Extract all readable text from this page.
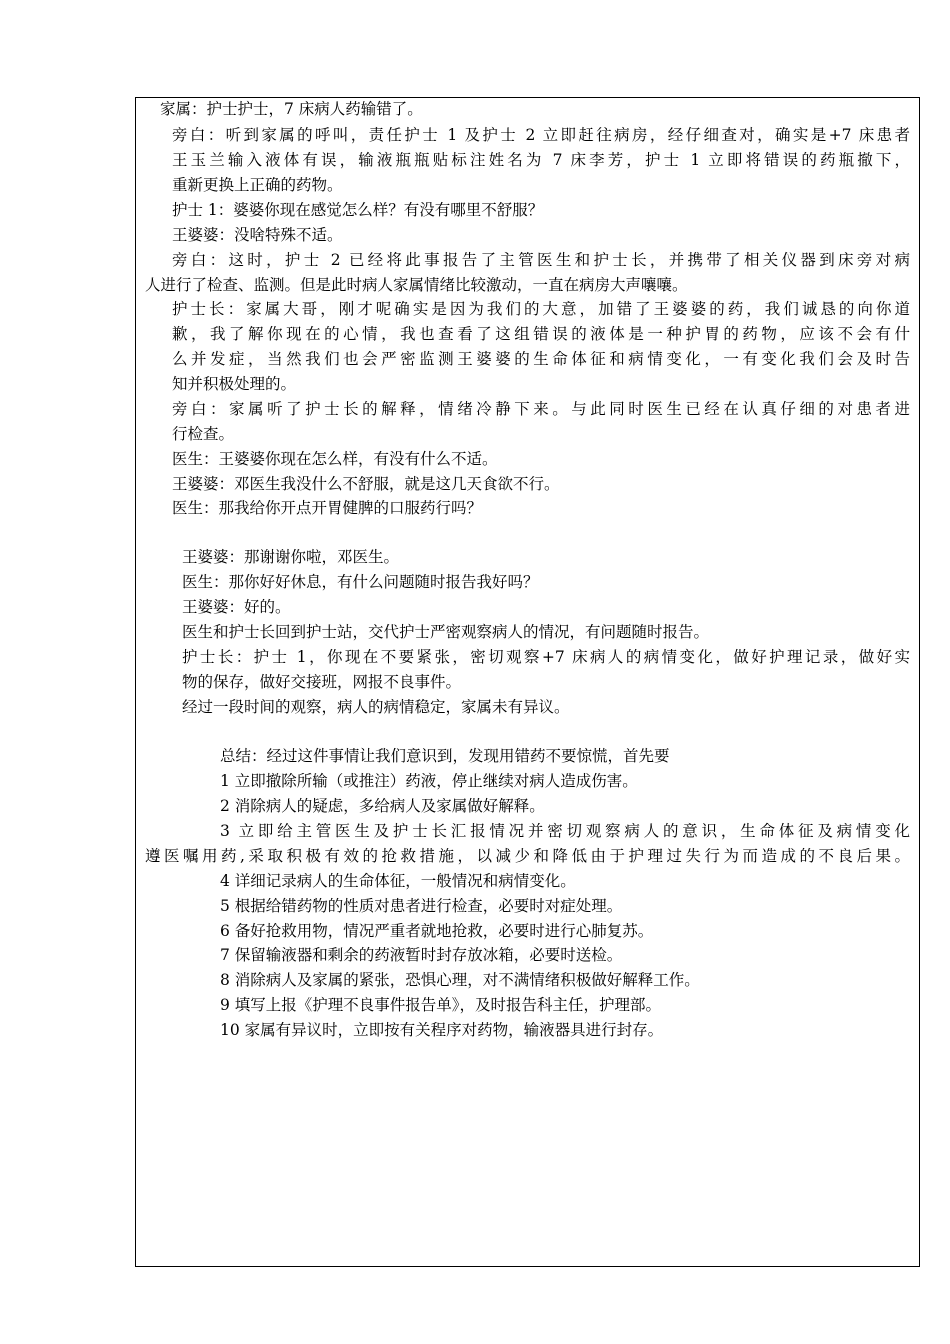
家属：护士护士，7 床病人药输错了。
旁白：听到家属的呼叫，责任护士 1 及护士 2 立即赶往病房，经仔细查对，确实是+7 床患者
王玉兰输入液体有误，输液瓶瓶贴标注姓名为 7 床李芳，护士 1 立即将错误的药瓶撤下，
重新更换上正确的药物。
护士 1：婆婆你现在感觉怎么样？有没有哪里不舒服？
王婆婆：没啥特殊不适。
旁白：这时，护士 2 已经将此事报告了主管医生和护士长，并携带了相关仪器到床旁对病
人进行了检查、监测。但是此时病人家属情绪比较激动，一直在病房大声嚷嚷。
护士长：家属大哥，刚才呢确实是因为我们的大意，加错了王婆婆的药，我们诚恳的向你道
歉，我了解你现在的心情，我也查看了这组错误的液体是一种护胃的药物，应该不会有什
么并发症，当然我们也会严密监测王婆婆的生命体征和病情变化，一有变化我们会及时告
知并积极处理的。
旁白：家属听了护士长的解释，情绪冷静下来。与此同时医生已经在认真仔细的对患者进
行检查。
医生：王婆婆你现在怎么样，有没有什么不适。
王婆婆：邓医生我没什么不舒服，就是这几天食欲不行。
医生：那我给你开点开胃健脾的口服药行吗？
王婆婆：那谢谢你啦，邓医生。
医生：那你好好休息，有什么问题随时报告我好吗？
王婆婆：好的。
医生和护士长回到护士站，交代护士严密观察病人的情况，有问题随时报告。
护士长：护士 1，你现在不要紧张，密切观察+7 床病人的病情变化，做好护理记录，做好实
物的保存，做好交接班，网报不良事件。
经过一段时间的观察，病人的病情稳定，家属未有异议。
总结：经过这件事情让我们意识到，发现用错药不要惊慌，首先要
1 立即撤除所输（或推注）药液，停止继续对病人造成伤害。
2 消除病人的疑虑，多给病人及家属做好解释。
3 立即给主管医生及护士长汇报情况并密切观察病人的意识，生命体征及病情变化
遵医嘱用药,采取积极有效的抢救措施，以减少和降低由于护理过失行为而造成的不良后果。
4 详细记录病人的生命体征，一般情况和病情变化。
5 根据给错药物的性质对患者进行检查，必要时对症处理。
6 备好抢救用物，情况严重者就地抢救，必要时进行心肺复苏。
7 保留输液器和剩余的药液暂时封存放冰箱，必要时送检。
8 消除病人及家属的紧张，恐惧心理，对不满情绪积极做好解释工作。
9 填写上报《护理不良事件报告单》，及时报告科主任，护理部。
10 家属有异议时，立即按有关程序对药物，输液器具进行封存。
